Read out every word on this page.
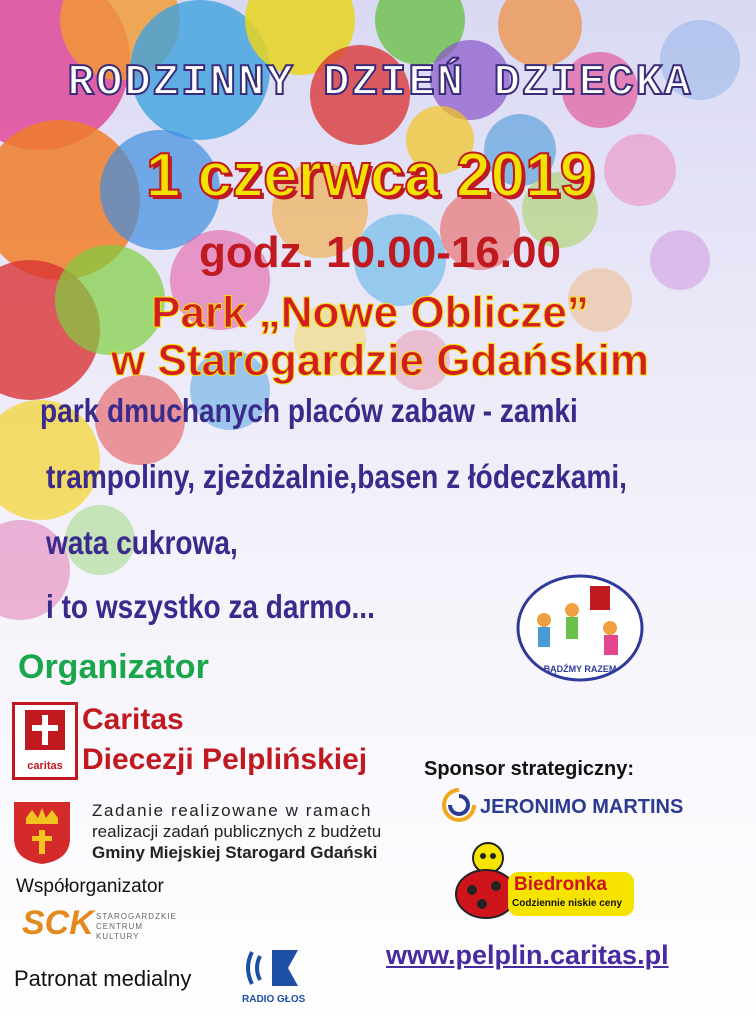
RODZINNY DZIEŃ DZIECKA
1 czerwca 2019
godz. 10.00-16.00
Park „Nowe Oblicze”
w Starogardzie Gdańskim
park dmuchanych placów zabaw - zamki
trampoliny, zjeżdżalnie,basen z łódeczkami,
wata cukrowa,
i to wszystko za darmo...
BĄDŹMY RAZEM
Organizator
caritas
Caritas
Diecezji Pelplińskiej
Zadanie realizowane w ramach
realizacji zadań publicznych z budżetu
Gminy Miejskiej Starogard Gdański
Współorganizator
SCK STAROGARDZKIE
CENTRUM
KULTURY
Patronat medialny
RADIO GŁOS
Sponsor strategiczny:
JERONIMO MARTINS
Biedronka
Codziennie niskie ceny
www.pelplin.caritas.pl
